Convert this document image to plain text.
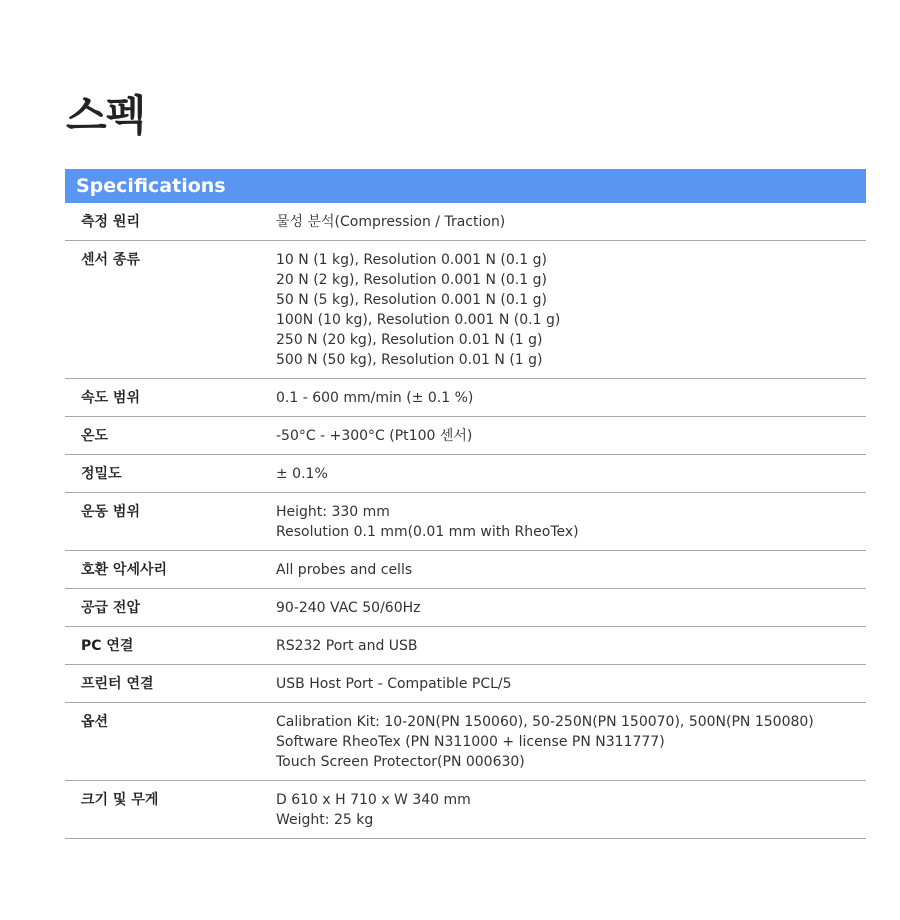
스펙
Specifications
측정 원리	물성 분석(Compression / Traction)
센서 종류	10 N (1 kg), Resolution 0.001 N (0.1 g)
20 N (2 kg), Resolution 0.001 N (0.1 g)
50 N (5 kg), Resolution 0.001 N (0.1 g)
100N (10 kg), Resolution 0.001 N (0.1 g)
250 N (20 kg), Resolution 0.01 N (1 g)
500 N (50 kg), Resolution 0.01 N (1 g)
속도 범위	0.1 - 600 mm/min (± 0.1 %)
온도	-50°C - +300°C (Pt100 센서)
정밀도	± 0.1%
운동 범위	Height: 330 mm
Resolution 0.1 mm(0.01 mm with RheoTex)
호환 악세사리	All probes and cells
공급 전압	90-240 VAC 50/60Hz
PC 연결	RS232 Port and USB
프린터 연결	USB Host Port - Compatible PCL/5
옵션	Calibration Kit: 10-20N(PN 150060), 50-250N(PN 150070), 500N(PN 150080)
Software RheoTex (PN N311000 + license PN N311777)
Touch Screen Protector(PN 000630)
크기 및 무게	D 610 x H 710 x W 340 mm
Weight: 25 kg
